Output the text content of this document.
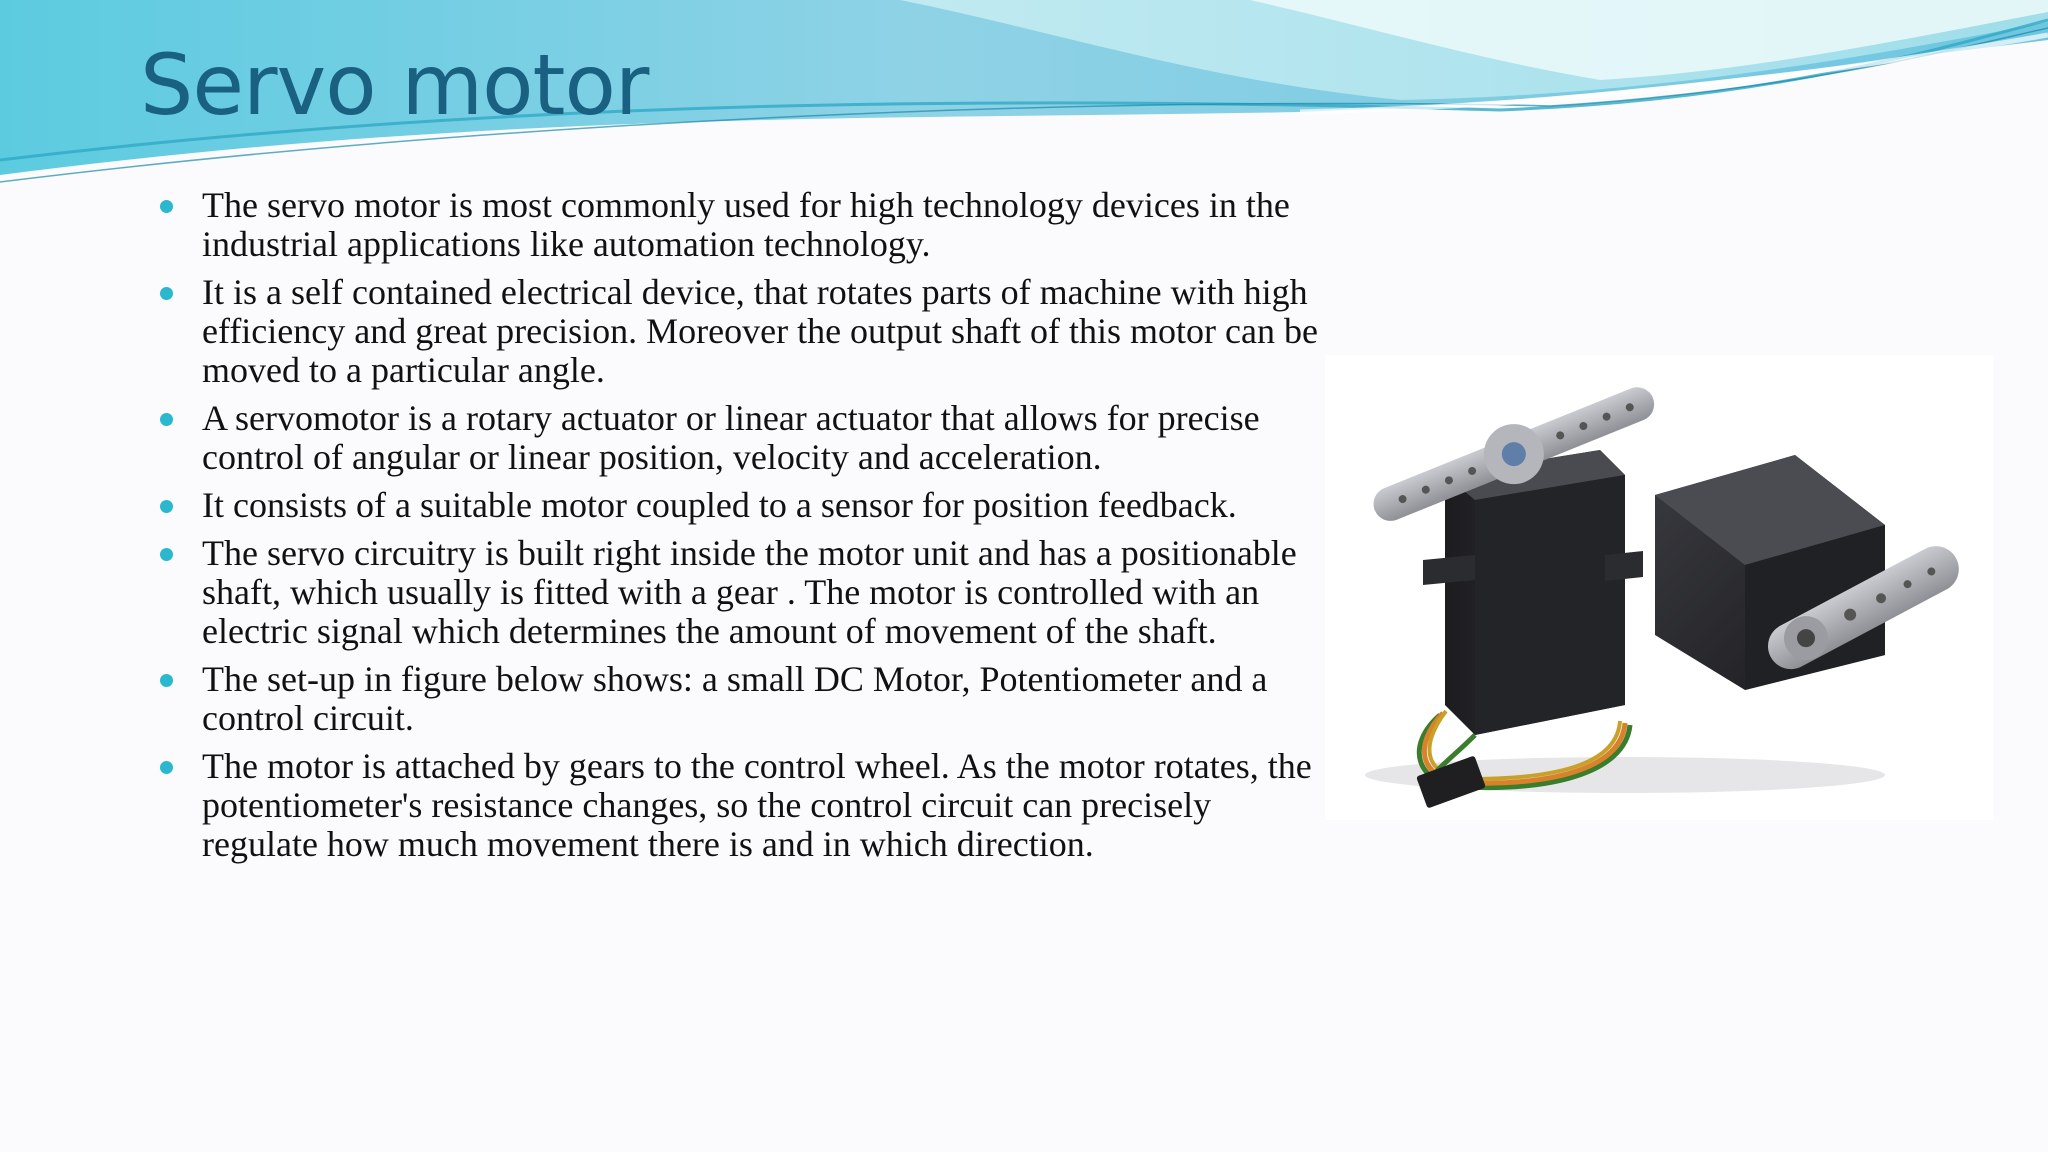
Servo motor
The servo motor is most commonly used for high technology devices in the industrial applications like automation technology.
It is a self contained electrical device, that rotates parts of machine with high efficiency and great precision. Moreover the output shaft of this motor can be moved to a particular angle.
A servomotor is a rotary actuator or linear actuator that allows for precise control of angular or linear position, velocity and acceleration.
It consists of a suitable motor coupled to a sensor for position feedback.
The servo circuitry is built right inside the motor unit and has a positionable shaft, which usually is fitted with a gear . The motor is controlled with an electric signal which determines the amount of movement of the shaft.
The set-up in figure below shows: a small DC Motor, Potentiometer and a control circuit.
The motor is attached by gears to the control wheel. As the motor rotates, the potentiometer's resistance changes, so the control circuit can precisely regulate how much movement there is and in which direction.
